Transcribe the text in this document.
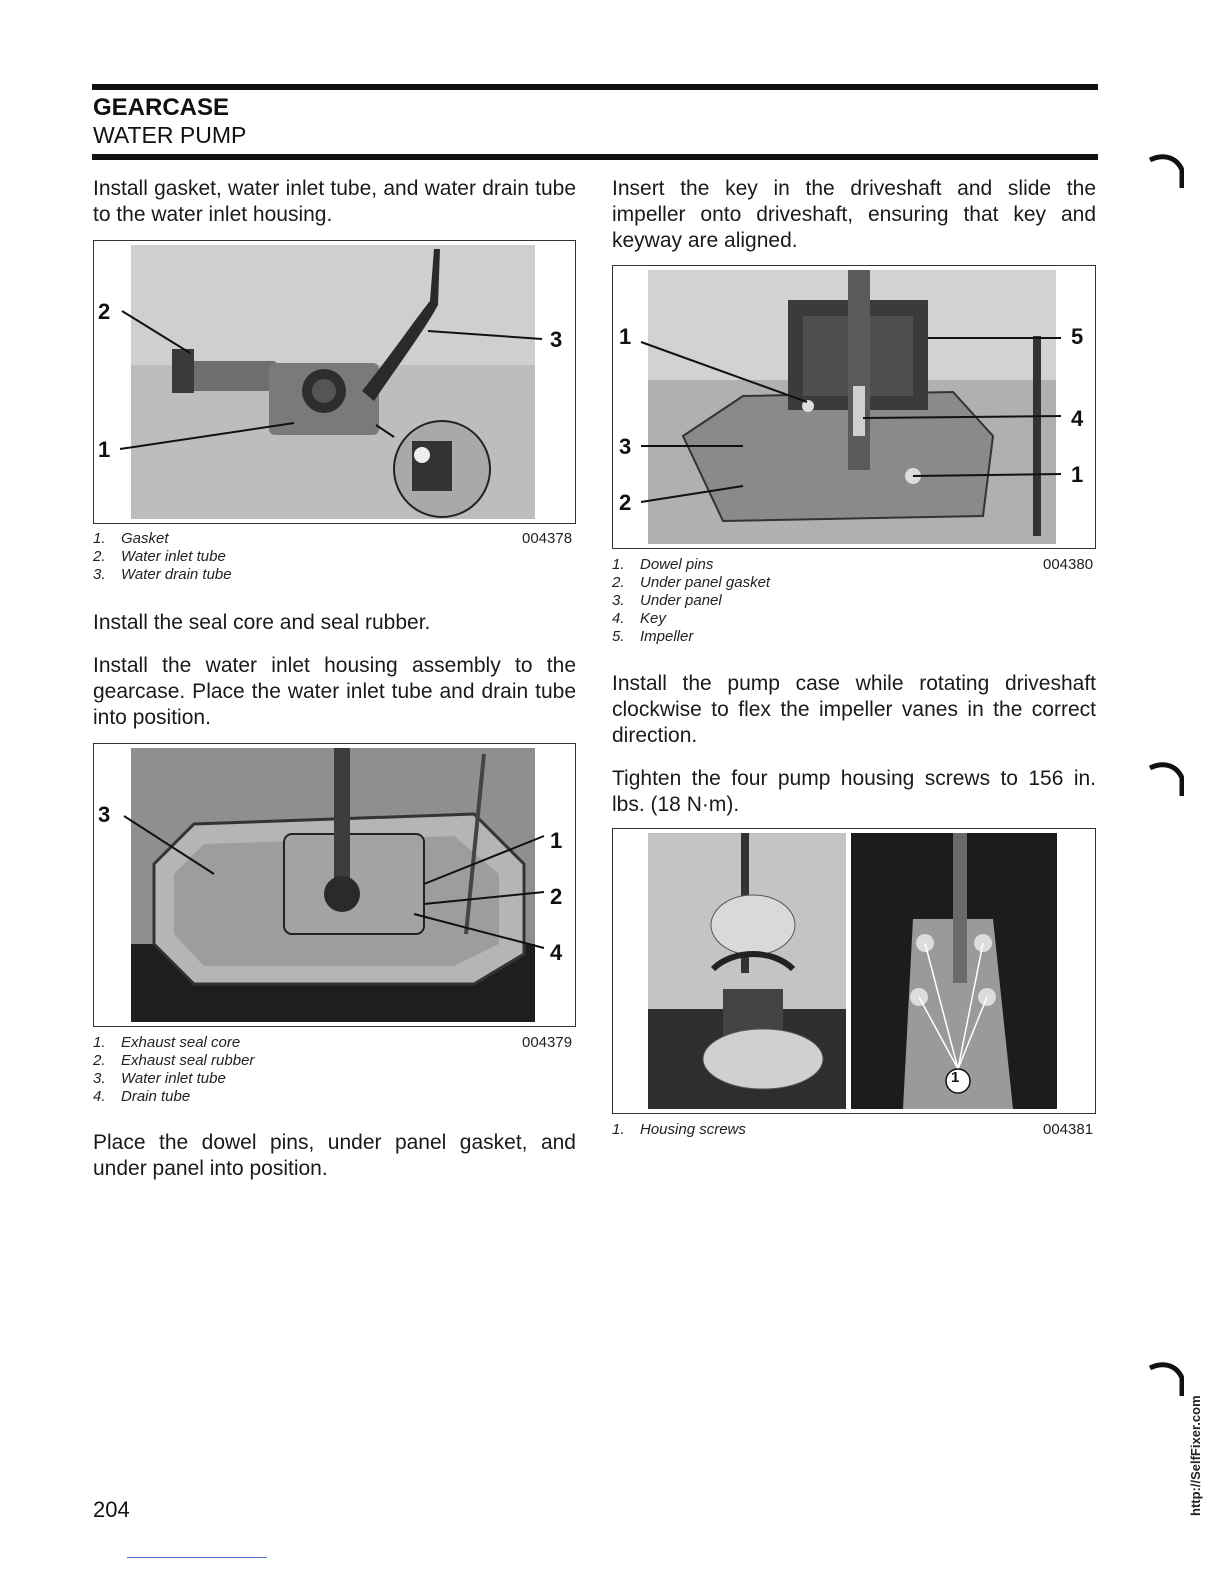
GEARCASE
WATER PUMP
Install gasket, water inlet tube, and water drain tube to the water inlet housing.
2
3
1
1. Gasket
2. Water inlet tube
3. Water drain tube
004378
Install the seal core and seal rubber.
Install the water inlet housing assembly to the gearcase. Place the water inlet tube and drain tube into position.
3
1
2
4
1. Exhaust seal core
2. Exhaust seal rubber
3. Water inlet tube
4. Drain tube
004379
Place the dowel pins, under panel gasket, and under panel into position.
Insert the key in the driveshaft and slide the impeller onto driveshaft, ensuring that key and keyway are aligned.
1	5
4
3
1
2
1. Dowel pins
2. Under panel gasket
3. Under panel
4. Key
5. Impeller
004380
Install the pump case while rotating driveshaft clockwise to flex the impeller vanes in the correct direction.
Tighten the four pump housing screws to 156 in. lbs. (18 N·m).
1
1. Housing screws	004381
204	http://SelfFixer.com
